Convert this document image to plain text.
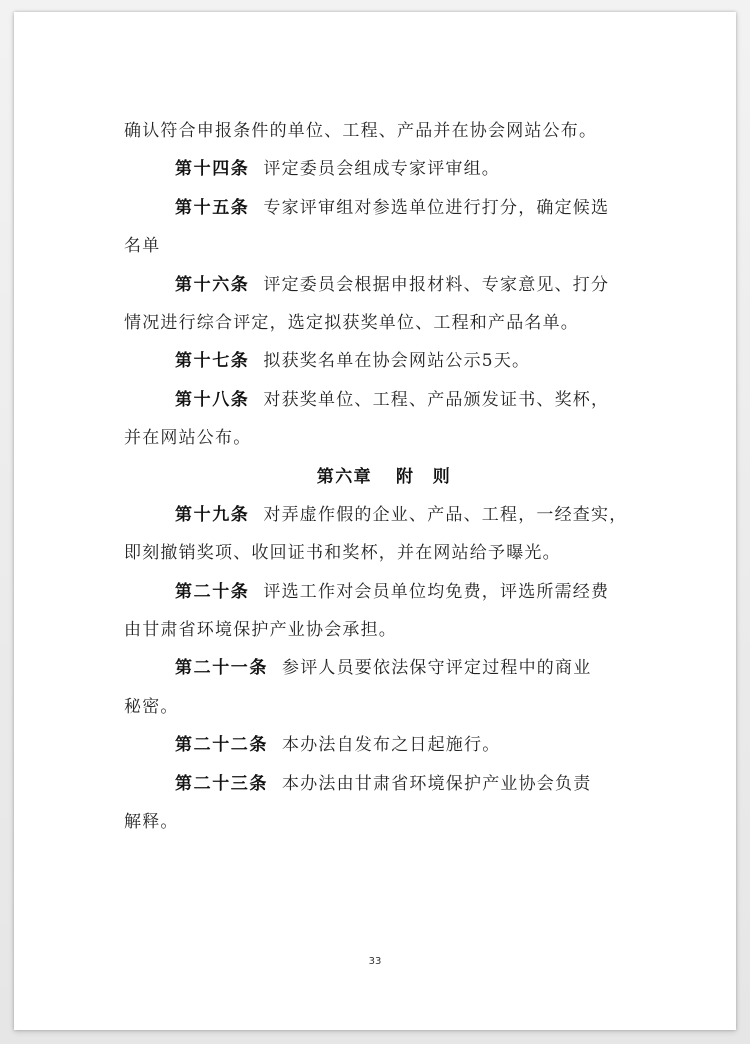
确认符合申报条件的单位、工程、产品并在协会网站公布。
第十四条 评定委员会组成专家评审组。
第十五条 专家评审组对参选单位进行打分，确定候选
名单
第十六条 评定委员会根据申报材料、专家意见、打分
情况进行综合评定，选定拟获奖单位、工程和产品名单。
第十七条 拟获奖名单在协会网站公示5天。
第十八条 对获奖单位、工程、产品颁发证书、奖杯，
并在网站公布。
第六章 附　则
第十九条 对弄虚作假的企业、产品、工程，一经查实，
即刻撤销奖项、收回证书和奖杯，并在网站给予曝光。
第二十条 评选工作对会员单位均免费，评选所需经费
由甘肃省环境保护产业协会承担。
第二十一条 参评人员要依法保守评定过程中的商业
秘密。
第二十二条 本办法自发布之日起施行。
第二十三条 本办法由甘肃省环境保护产业协会负责
解释。
33
